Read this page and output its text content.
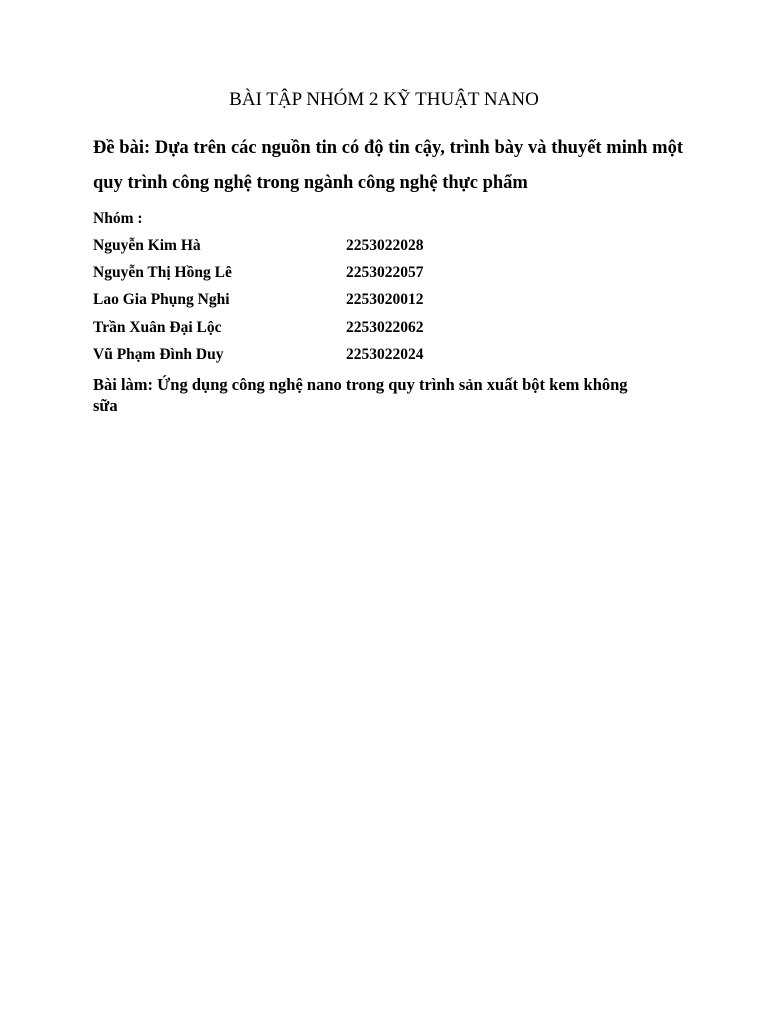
BÀI TẬP NHÓM 2 KỸ THUẬT NANO
Đề bài: Dựa trên các nguồn tin có độ tin cậy, trình bày và thuyết minh một quy trình công nghệ trong ngành công nghệ thực phẩm
Nhóm :
Nguyễn Kim Hà	2253022028
Nguyễn Thị Hồng Lê	2253022057
Lao Gia Phụng Nghi	2253020012
Trần Xuân Đại Lộc	2253022062
Vũ Phạm Đình Duy	2253022024
Bài làm: Ứng dụng công nghệ nano trong quy trình sản xuất bột kem không sữa
